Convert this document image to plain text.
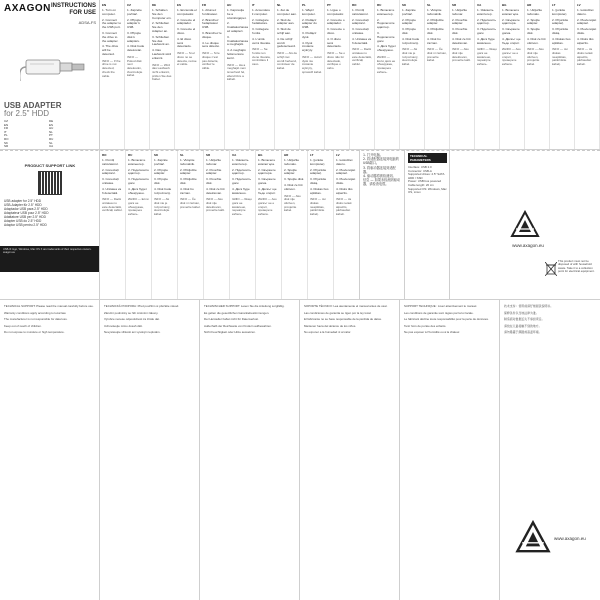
AXAGON INSTRUCTIONS
FOR USE
ADSA-FS
USB ADAPTER
for 2.5" HDD
CZ	DEEN	ESFR	HUIT	NLPL	PTRO	RUSK	SLSR	UAZH	AR
PRODUCT SUPPORT LINK
USB adapter for 2.5" HDD
USB-Adapter für 2.5" HDD
Adaptador USB para 2.5" HDD
Adaptateur USB pour 2.5" HDD
Adattatore USB per 2.5" HDD
Adapter USB do 2.5" HDD
Adaptor USB pentru 2.5" HDD
USB-IF logo, Windows, Mac OS X are trademarks of their respective owners. axagon.eu
EN
1. Turn on computer.
2. Connect the adapter to the USB port.
3. Connect the drive to the adapter.
4. The drive will be detected.
INFO — If the drive is not detected, check the cable.
CZ
1. Zapněte počítač.
2. Připojte adaptér k USB.
3. Připojte disk k adaptéru.
4. Disk bude detekován.
INFO — Pokud disk není detekován, zkontrolujte kabel.
DE
1. Schalten Sie den Computer ein.
2. Schließen Sie den Adapter an.
3. Schließen Sie das Laufwerk an.
4. Das Laufwerk wird erkannt.
INFO — Wird das Laufwerk nicht erkannt, prüfen Sie das Kabel.
ES
1. Encienda el computador.
2. Conecte el adaptador.
3. Conecte el disco.
4. El disco será detectado.
INFO — Si el disco no se detecta, revise el cable.
FR
1. Allumez l'ordinateur.
2. Branchez l'adaptateur USB.
3. Branchez le disque.
4. Le disque sera détecté.
INFO — Si le disque n'est pas détecté, vérifiez le câble.
HU
1. Kapcsolja be a számítógépet.
2. Csatlakoztassa az adaptert.
3. Csatlakoztassa a meghajtót.
4. A meghajtó felismerésre kerül.
INFO — Ha a meghajtó nem ismerhető fel, ellenőrizze a kábelt.
IT
1. Accendere il computer.
2. Collegare l'adattatore.
3. Collegare l'unità.
4. L'unità verrà rilevata.
INFO — Se l'unità non viene rilevata, controllare il cavo.
NL
1. Zet de computer aan.
2. Sluit de adapter aan.
3. Sluit de schijf aan.
4. De schijf wordt gedetecteerd.
INFO — Als de schijf niet wordt herkend, controleer de kabel.
PL
1. Włącz komputer.
2. Podłącz adapter do USB.
3. Podłącz dysk.
4. Dysk zostanie wykryty.
INFO — Jeżeli dysk nie zostanie wykryty, sprawdź kabel.
PT
1. Ligue o computador.
2. Conecte o adaptador.
3. Conecte o disco.
4. O disco será detectado.
INFO — Se o disco não for detectado, verifique o cabo.
RO
1. Porniți calculatorul.
2. Conectați adaptorul.
3. Conectați unitatea.
4. Unitatea va fi detectată.
INFO — Dacă unitatea nu este detectată, verificați cablul.
RU
1. Включите компьютер.
2. Подключите адаптер.
3. Подключите диск.
4. Диск будет обнаружен.
ИНФО — Если диск не обнаружен, проверьте кабель.
SK
1. Zapnite počítač.
2. Pripojte adaptér.
3. Pripojte disk.
4. Disk bude rozpoznaný.
INFO — Ak disk nie je rozpoznaný, skontrolujte kábel.
SL
1. Vklopite računalnik.
2. Priključite adapter.
3. Priključite disk.
4. Disk bo zaznan.
INFO — Če disk ni zaznan, preverite kabel.
SR
1. Uključite računar.
2. Povežite adapter.
3. Povežite disk.
4. Disk će biti detektovan.
INFO — Ako disk nije detektovan, proverite kabl.
UA
1. Увімкніть комп'ютер.
2. Підключіть адаптер.
3. Підключіть диск.
4. Диск буде виявлено.
ІНФО — Якщо диск не виявлено, перевірте кабель.
BG
1. Включете компютъра.
2. Свържете адаптера.
3. Свържете диска.
4. Дискът ще бъде открит.
ИНФО — Ако дискът не е открит, проверете кабела.
HR
1. Uključite računalo.
2. Spojite adapter.
3. Spojite disk.
4. Disk će biti otkriven.
INFO — Ako disk nije otkriven, provjerite kabel.
LT
1. Įjunkite kompiuterį.
2. Prijunkite adapterį.
3. Prijunkite diską.
4. Diskas bus aptiktas.
INFO — Jei diskas neaptiktas, patikrinkite kabelį.
LV
1. Ieslēdziet datoru.
2. Pievienojiet adapteri.
3. Pievienojiet disku.
4. Disks tiks atpazīts.
INFO — Ja disks netiek atpazīts, pārbaudiet kabeli.
RO
1. Porniți calculatorul.
2. Conectați adaptorul.
3. Conectați unitatea.
4. Unitatea va fi detectată.
INFO — Dacă unitatea nu este detectată, verificați cablul.
RU
1. Включите компьютер.
2. Подключите адаптер.
3. Подключите диск.
4. Диск будет обнаружен.
ИНФО — Если диск не обнаружен, проверьте кабель.
SK
1. Zapnite počítač.
2. Pripojte adaptér.
3. Pripojte disk.
4. Disk bude rozpoznaný.
INFO — Ak disk nie je rozpoznaný, skontrolujte kábel.
SL
1. Vklopite računalnik.
2. Priključite adapter.
3. Priključite disk.
4. Disk bo zaznan.
INFO — Če disk ni zaznan, preverite kabel.
SR
1. Uključite računar.
2. Povežite adapter.
3. Povežite disk.
4. Disk će biti detektovan.
INFO — Ako disk nije detektovan, proverite kabl.
UA
1. Увімкніть комп'ютер.
2. Підключіть адаптер.
3. Підключіть диск.
4. Диск буде виявлено.
ІНФО — Якщо диск не виявлено, перевірте кабель.
BG
1. Включете компютъра.
2. Свържете адаптера.
3. Свържете диска.
4. Дискът ще бъде открит.
ИНФО — Ако дискът не е открит, проверете кабела.
HR
1. Uključite računalo.
2. Spojite adapter.
3. Spojite disk.
4. Disk će biti otkriven.
INFO — Ako disk nije otkriven, provjerite kabel.
LT
1. Įjunkite kompiuterį.
2. Prijunkite adapterį.
3. Prijunkite diską.
4. Diskas bus aptiktas.
INFO — Jei diskas neaptiktas, patikrinkite kabelį.
LV
1. Ieslēdziet datoru.
2. Pievienojiet adapteri.
3. Pievienojiet disku.
4. Disks tiks atpazīts.
INFO — Ja disks netiek atpazīts, pārbaudiet kabeli.
1. 打开电脑。
2. 将适配器连接到电脑的USB端口。
3. 将驱动器连接到适配器。
4. 驱动器将被检测到。
信息 — 如果未检测到驱动器，请检查电缆。
TECHNICAL PARAMETERS
Interface: USB 2.0
Connector: USB-A
Supported drives: 2.5" SATA HDD / SSD
Power: USB bus powered
Cable length: 20 cm
Supported OS: Windows, Mac OS, Linux
www.axagon.eu
This product must not be disposed of with household waste. Take it to a collection point for electrical equipment.
TECHNICAL SUPPORT: Please read the manual carefully before use.
Warranty conditions apply according to local law.
The manufacturer is not responsible for data loss.
Keep out of reach of children.
Do not expose to moisture or high temperature.
TECHNICKÁ PODPORA: Před použitím si přečtěte návod.
Záruční podmínky se řídí místními zákony.
Výrobce nenese odpovědnost za ztrátu dat.
Uchovávejte mimo dosah dětí.
Nevystavujte vlhkosti ani vysokým teplotám.
TECHNISCHER SUPPORT: Lesen Sie die Anleitung sorgfältig.
Es gelten die gesetzlichen Garantiebestimmungen.
Der Hersteller haftet nicht für Datenverlust.
Außerhalb der Reichweite von Kindern aufbewahren.
Nicht Feuchtigkeit oder Hitze aussetzen.
SOPORTE TÉCNICO: Lea atentamente el manual antes de usar.
Las condiciones de garantía se rigen por la ley local.
El fabricante no se hace responsable de la pérdida de datos.
Mantener fuera del alcance de los niños.
No exponer a la humedad ni al calor.
SUPPORT TECHNIQUE : Lisez attentivement le manuel.
Les conditions de garantie sont régies par la loi locale.
Le fabricant décline toute responsabilité pour la perte de données.
Tenir hors de portée des enfants.
Ne pas exposer à l'humidité ou à la chaleur.
技术支持：使用前请仔细阅读说明书。
保修条件以当地法律为准。
制造商对数据丢失不承担责任。
请放在儿童接触不到的地方。
请勿暴露于潮湿或高温环境。
www.axagon.eu
